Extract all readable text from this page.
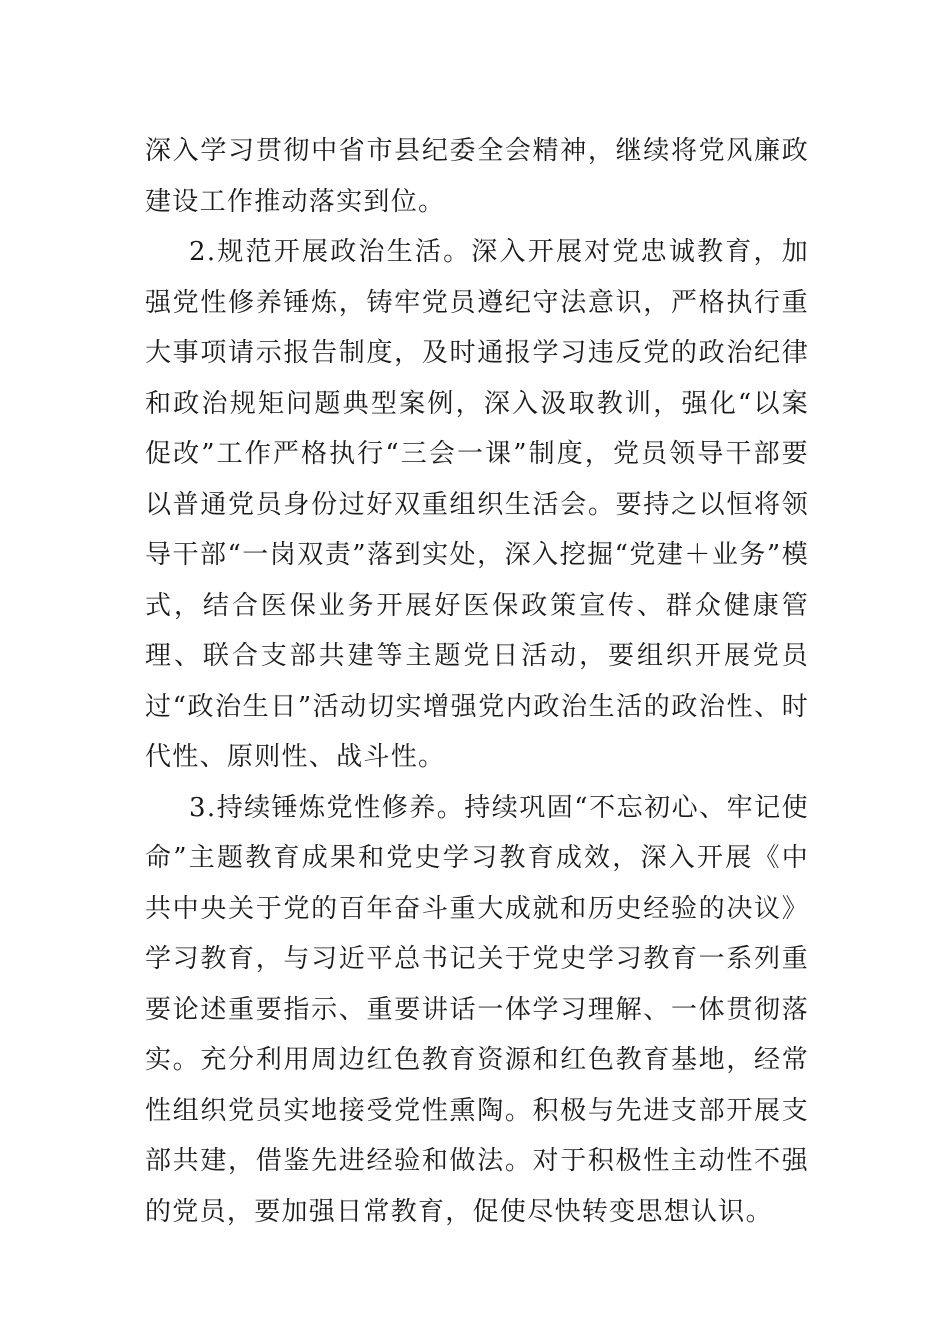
深入学习贯彻中省市县纪委全会精神，继续将党风廉政建设工作推动落实到位。

2.规范开展政治生活。深入开展对党忠诚教育，加强党性修养锤炼，铸牢党员遵纪守法意识，严格执行重大事项请示报告制度，及时通报学习违反党的政治纪律和政治规矩问题典型案例，深入汲取教训，强化“以案促改”工作严格执行“三会一课”制度，党员领导干部要以普通党员身份过好双重组织生活会。要持之以恒将领导干部“一岗双责”落到实处，深入挖掘“党建＋业务”模式，结合医保业务开展好医保政策宣传、群众健康管理、联合支部共建等主题党日活动，要组织开展党员过“政治生日”活动切实增强党内政治生活的政治性、时代性、原则性、战斗性。

3.持续锤炼党性修养。持续巩固“不忘初心、牢记使命”主题教育成果和党史学习教育成效，深入开展《中共中央关于党的百年奋斗重大成就和历史经验的决议》学习教育，与习近平总书记关于党史学习教育一系列重要论述重要指示、重要讲话一体学习理解、一体贯彻落实。充分利用周边红色教育资源和红色教育基地，经常性组织党员实地接受党性熏陶。积极与先进支部开展支部共建，借鉴先进经验和做法。对于积极性主动性不强的党员，要加强日常教育，促使尽快转变思想认识。
